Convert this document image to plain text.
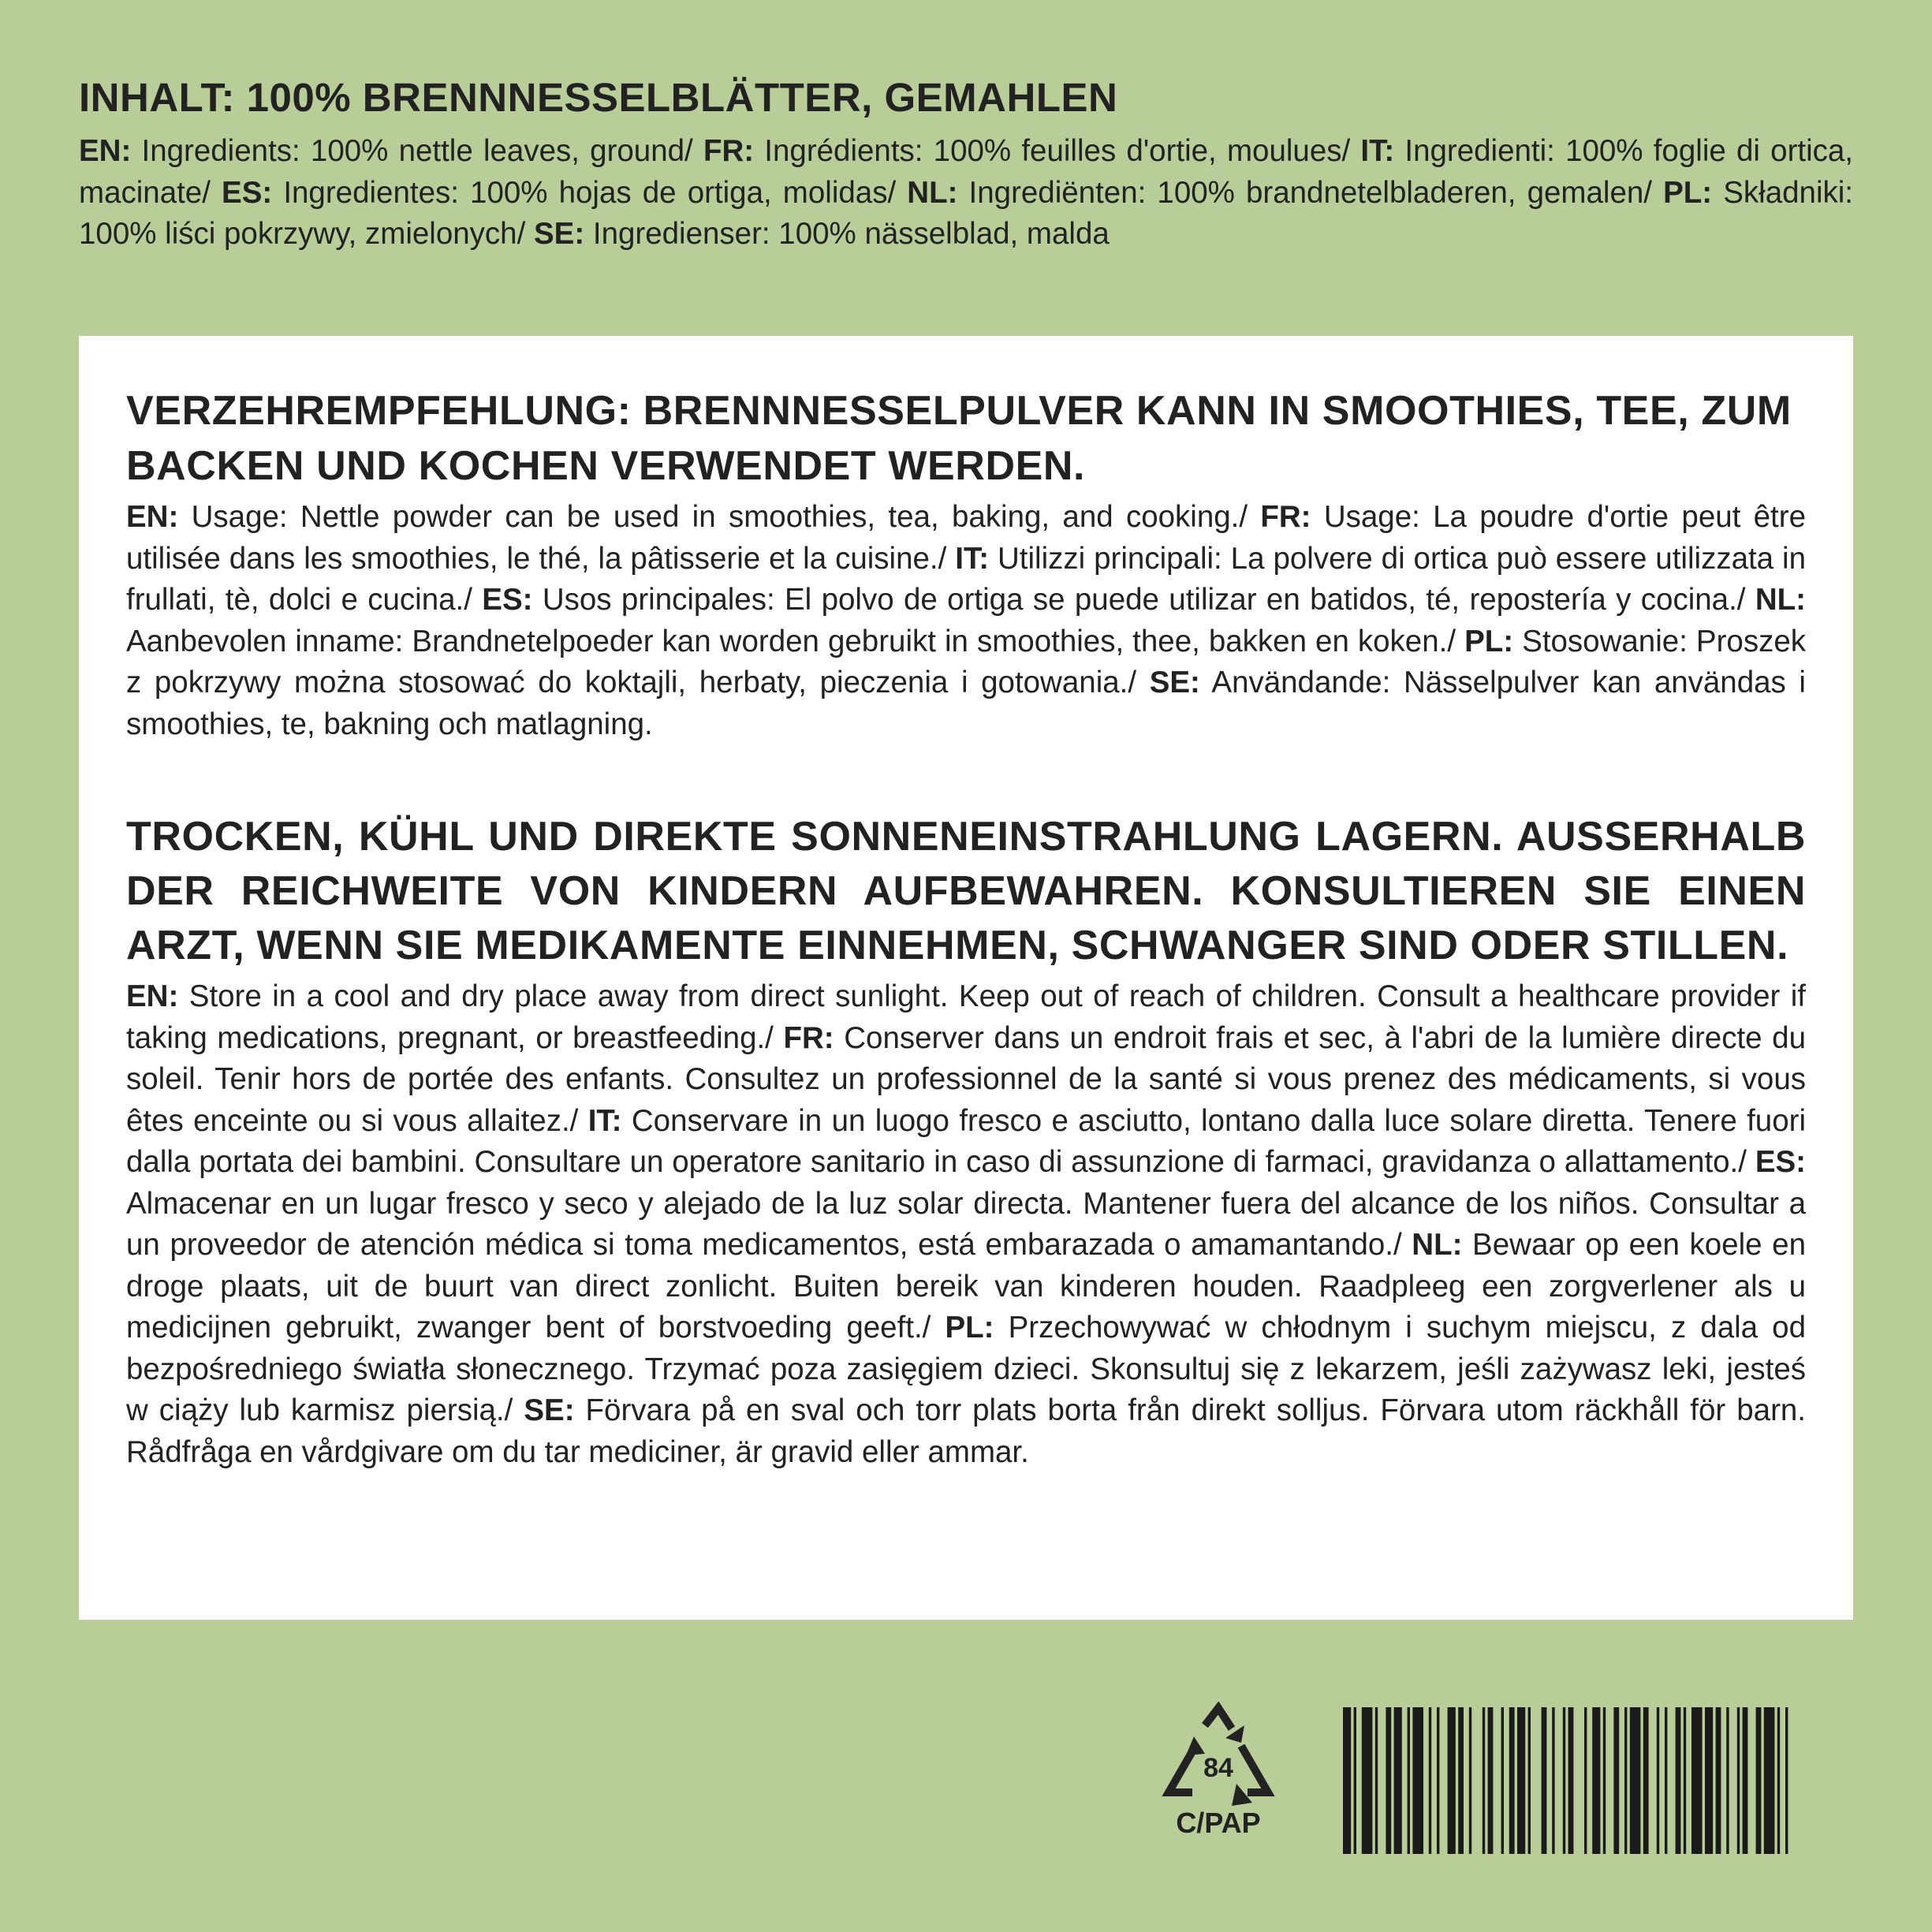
INHALT: 100% BRENNNESSELBLÄTTER, GEMAHLEN

EN: Ingredients: 100% nettle leaves, ground/ FR: Ingrédients: 100% feuilles d'ortie, moulues/ IT: Ingredienti: 100% foglie di ortica, macinate/ ES: Ingredientes: 100% hojas de ortiga, molidas/ NL: Ingrediënten: 100% brandnetelbladeren, gemalen/ PL: Składniki: 100% liści pokrzywy, zmielonych/ SE: Ingredienser: 100% nässelblad, malda

VERZEHREMPFEHLUNG: BRENNNESSELPULVER KANN IN SMOOTHIES, TEE, ZUM BACKEN UND KOCHEN VERWENDET WERDEN.

EN: Usage: Nettle powder can be used in smoothies, tea, baking, and cooking./ FR: Usage: La poudre d'ortie peut être utilisée dans les smoothies, le thé, la pâtisserie et la cuisine./ IT: Utilizzi principali: La polvere di ortica può essere utilizzata in frullati, tè, dolci e cucina./ ES: Usos principales: El polvo de ortiga se puede utilizar en batidos, té, repostería y cocina./ NL: Aanbevolen inname: Brandnetelpoeder kan worden gebruikt in smoothies, thee, bakken en koken./ PL: Stosowanie: Proszek z pokrzywy można stosować do koktajli, herbaty, pieczenia i gotowania./ SE: Användande: Nässelpulver kan användas i smoothies, te, bakning och matlagning.

TROCKEN, KÜHL UND DIREKTE SONNENEINSTRAHLUNG LAGERN. AUSSERHALB DER REICHWEITE VON KINDERN AUFBEWAHREN. KONSULTIEREN SIE EINEN ARZT, WENN SIE MEDIKAMENTE EINNEHMEN, SCHWANGER SIND ODER STILLEN.

EN: Store in a cool and dry place away from direct sunlight. Keep out of reach of children. Consult a healthcare provider if taking medications, pregnant, or breastfeeding./ FR: Conserver dans un endroit frais et sec, à l'abri de la lumière directe du soleil. Tenir hors de portée des enfants. Consultez un professionnel de la santé si vous prenez des médicaments, si vous êtes enceinte ou si vous allaitez./ IT: Conservare in un luogo fresco e asciutto, lontano dalla luce solare diretta. Tenere fuori dalla portata dei bambini. Consultare un operatore sanitario in caso di assunzione di farmaci, gravidanza o allattamento./ ES: Almacenar en un lugar fresco y seco y alejado de la luz solar directa. Mantener fuera del alcance de los niños. Consultar a un proveedor de atención médica si toma medicamentos, está embarazada o amamantando./ NL: Bewaar op een koele en droge plaats, uit de buurt van direct zonlicht. Buiten bereik van kinderen houden. Raadpleeg een zorgverlener als u medicijnen gebruikt, zwanger bent of borstvoeding geeft./ PL: Przechowywać w chłodnym i suchym miejscu, z dala od bezpośredniego światła słonecznego. Trzymać poza zasięgiem dzieci. Skonsultuj się z lekarzem, jeśli zażywasz leki, jesteś w ciąży lub karmisz piersią./ SE: Förvara på en sval och torr plats borta från direkt solljus. Förvara utom räckhåll för barn. Rådfråga en vårdgivare om du tar mediciner, är gravid eller ammar.

84
C/PAP
